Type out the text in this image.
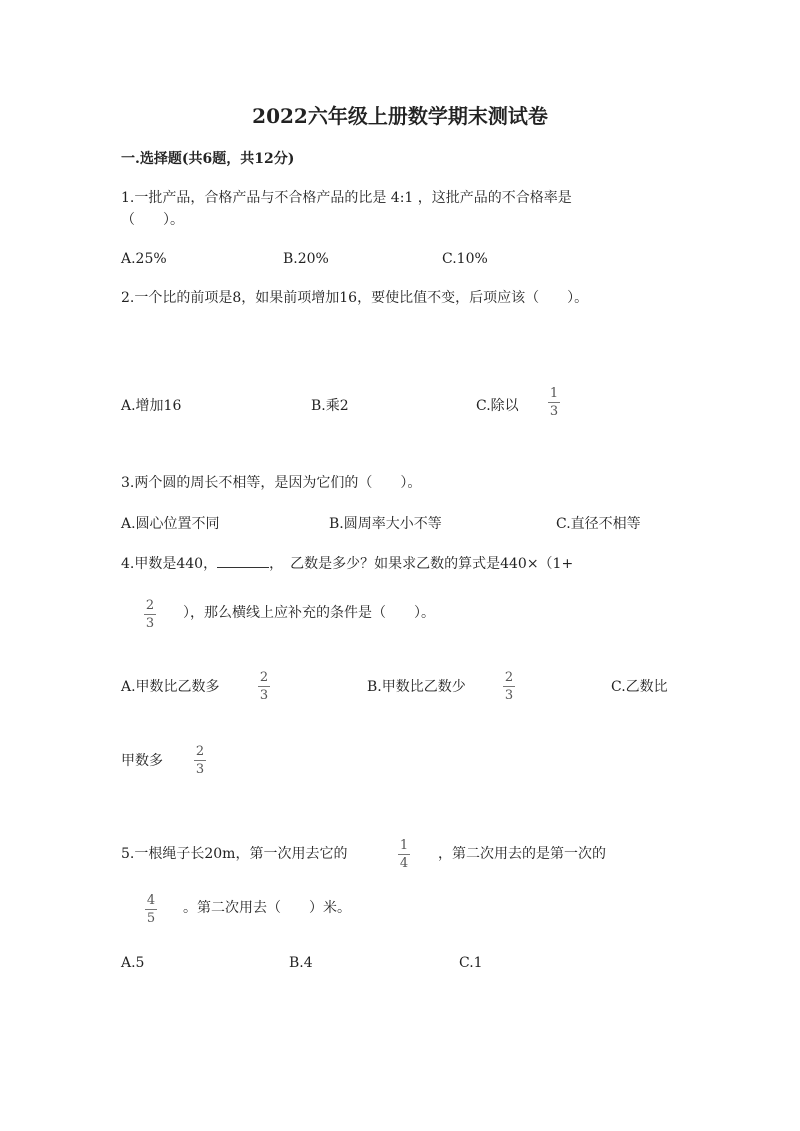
2022六年级上册数学期末测试卷
一.选择题(共6题，共12分)
1.一批产品，合格产品与不合格产品的比是 4:1 ，这批产品的不合格率是
（　　）。
A.25%	B.20%	C.10%
2.一个比的前项是8，如果前项增加16，要使比值不变，后项应该（　　）。
A.增加16	B.乘2	C.除以
1
3
3.两个圆的周长不相等，是因为它们的（　　）。
A.圆心位置不同	B.圆周率大小不等	C.直径不相等
4.甲数是440，	，　乙数是多少？如果求乙数的算式是440×（1+
2
3
），那么横线上应补充的条件是（　　）。
A.甲数比乙数多
2
3
B.甲数比乙数少
2
3
C.乙数比
甲数多
2
3
5.一根绳子长20m，第一次用去它的
1
4
，第二次用去的是第一次的
4
5
。第二次用去（　　）米。
A.5	B.4	C.1
